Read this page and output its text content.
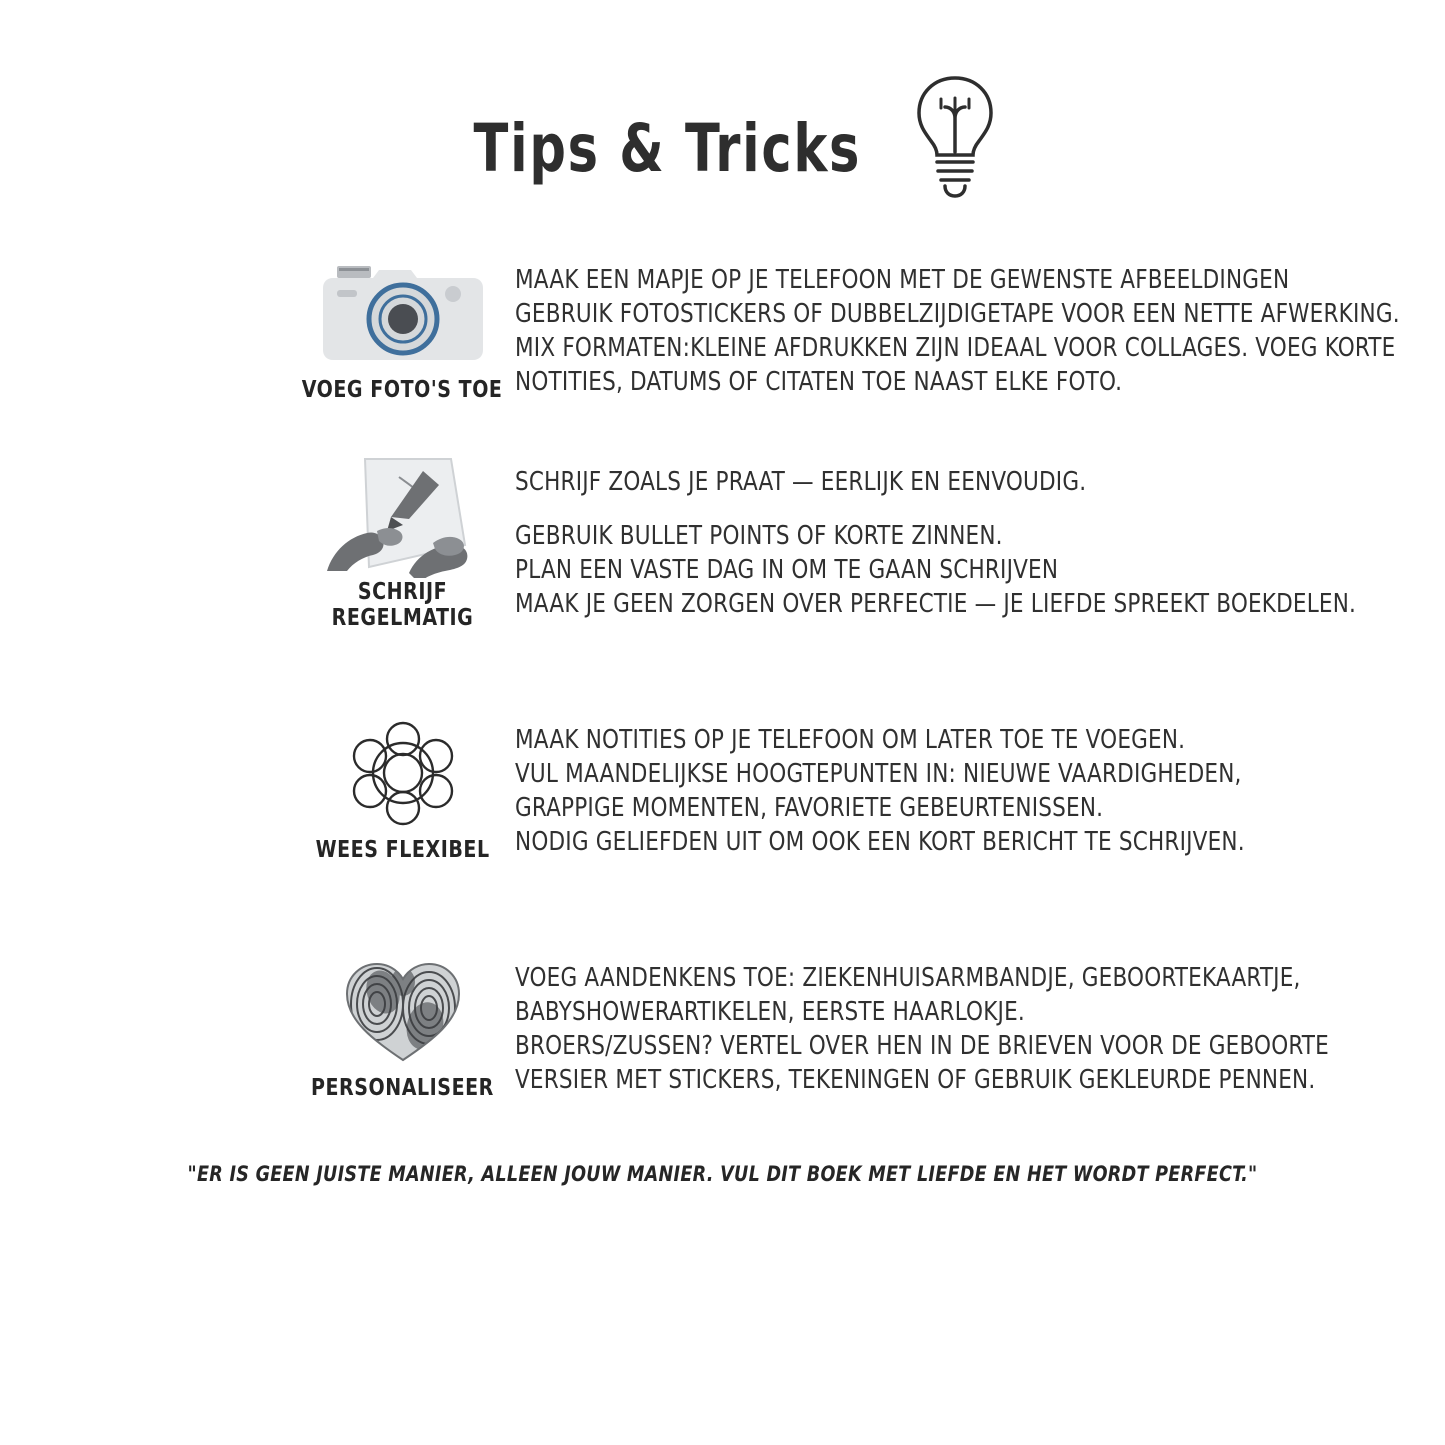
Tips & Tricks
VOEG FOTO'S TOE
MAAK EEN MAPJE OP JE TELEFOON MET DE GEWENSTE AFBEELDINGEN
GEBRUIK FOTOSTICKERS OF DUBBELZIJDIGETAPE VOOR EEN NETTE AFWERKING.
MIX FORMATEN:KLEINE AFDRUKKEN ZIJN IDEAAL VOOR COLLAGES. VOEG KORTE
NOTITIES, DATUMS OF CITATEN TOE NAAST ELKE FOTO.
SCHRIJF REGELMATIG
SCHRIJF ZOALS JE PRAAT — EERLIJK EN EENVOUDIG.
GEBRUIK BULLET POINTS OF KORTE ZINNEN.
PLAN EEN VASTE DAG IN OM TE GAAN SCHRIJVEN
MAAK JE GEEN ZORGEN OVER PERFECTIE — JE LIEFDE SPREEKT BOEKDELEN.
WEES FLEXIBEL
MAAK NOTITIES OP JE TELEFOON OM LATER TOE TE VOEGEN.
VUL MAANDELIJKSE HOOGTEPUNTEN IN: NIEUWE VAARDIGHEDEN,
GRAPPIGE MOMENTEN, FAVORIETE GEBEURTENISSEN.
NODIG GELIEFDEN UIT OM OOK EEN KORT BERICHT TE SCHRIJVEN.
PERSONALISEER
VOEG AANDENKENS TOE: ZIEKENHUISARMBANDJE, GEBOORTEKAARTJE,
BABYSHOWERARTIKELEN, EERSTE HAARLOKJE.
BROERS/ZUSSEN? VERTEL OVER HEN IN DE BRIEVEN VOOR DE GEBOORTE
VERSIER MET STICKERS, TEKENINGEN OF GEBRUIK GEKLEURDE PENNEN.
"ER IS GEEN JUISTE MANIER, ALLEEN JOUW MANIER. VUL DIT BOEK MET LIEFDE EN HET WORDT PERFECT."
